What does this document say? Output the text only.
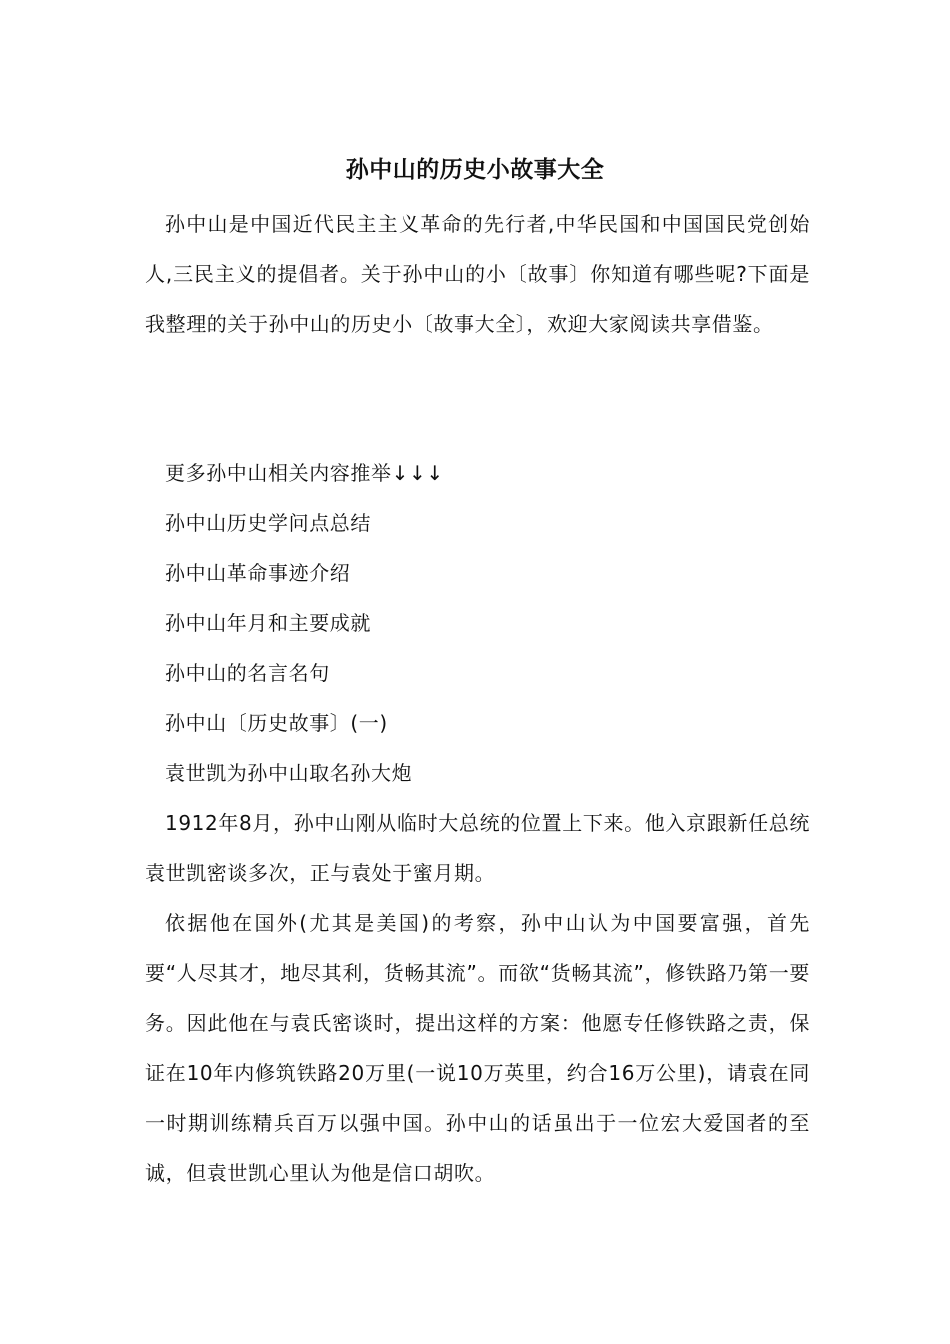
孙中山的历史小故事大全

孙中山是中国近代民主主义革命的先行者,中华民国和中国国民党创始人,三民主义的提倡者。关于孙中山的小〔故事〕你知道有哪些呢?下面是我整理的关于孙中山的历史小〔故事大全〕，欢迎大家阅读共享借鉴。

更多孙中山相关内容推举↓↓↓

孙中山历史学问点总结
孙中山革命事迹介绍
孙中山年月和主要成就
孙中山的名言名句
孙中山〔历史故事〕(一)
袁世凯为孙中山取名孙大炮

1912年8月，孙中山刚从临时大总统的位置上下来。他入京跟新任总统袁世凯密谈多次，正与袁处于蜜月期。

依据他在国外(尤其是美国)的考察，孙中山认为中国要富强，首先要“人尽其才，地尽其利，货畅其流”。而欲“货畅其流”，修铁路乃第一要务。因此他在与袁氏密谈时，提出这样的方案：他愿专任修铁路之责，保证在10年内修筑铁路20万里(一说10万英里，约合16万公里)，请袁在同一时期训练精兵百万以强中国。孙中山的话虽出于一位宏大爱国者的至诚，但袁世凯心里认为他是信口胡吹。
